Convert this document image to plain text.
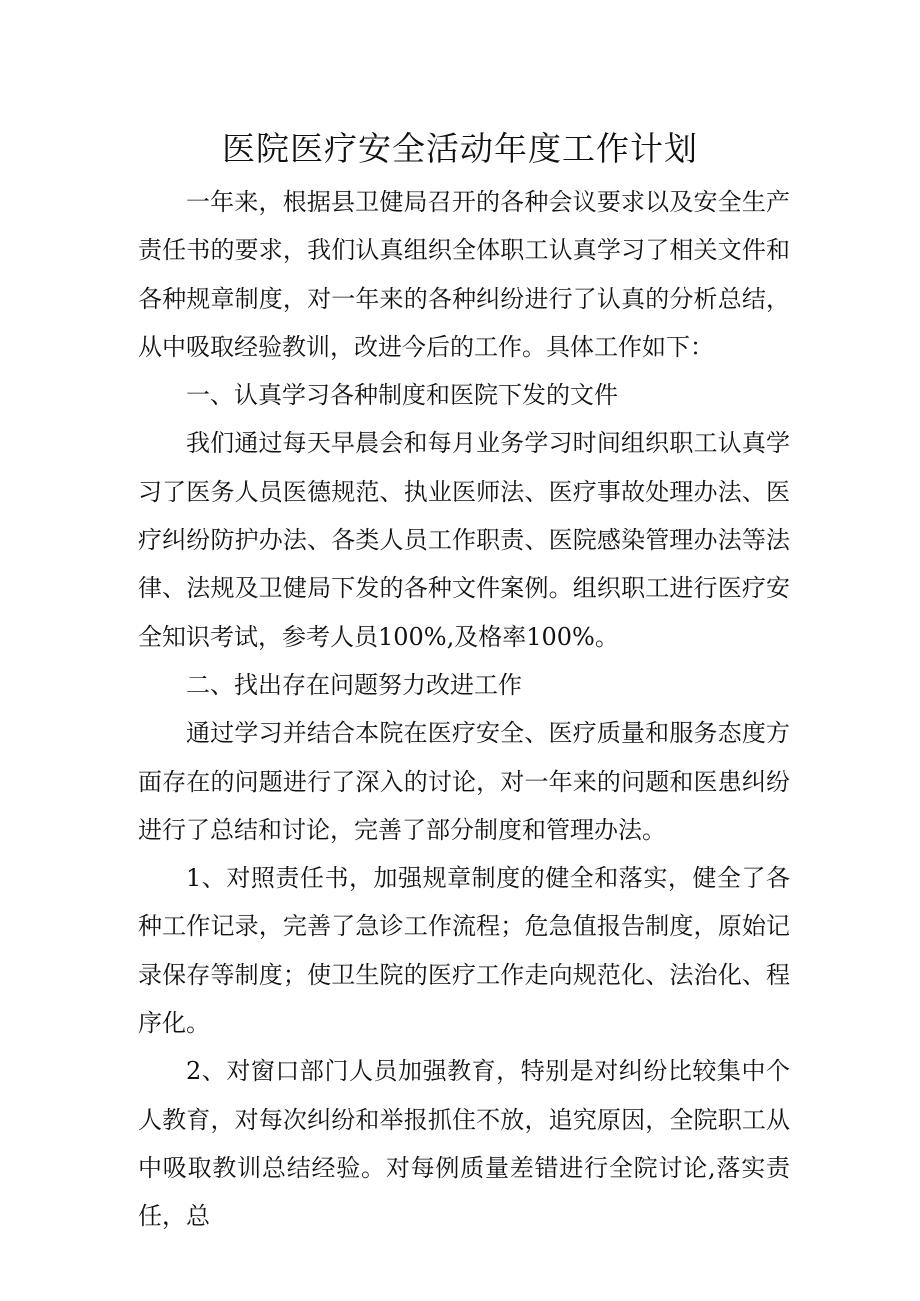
医院医疗安全活动年度工作计划

一年来，根据县卫健局召开的各种会议要求以及安全生产责任书的要求，我们认真组织全体职工认真学习了相关文件和各种规章制度，对一年来的各种纠纷进行了认真的分析总结，从中吸取经验教训，改进今后的工作。具体工作如下：

一、认真学习各种制度和医院下发的文件

我们通过每天早晨会和每月业务学习时间组织职工认真学习了医务人员医德规范、执业医师法、医疗事故处理办法、医疗纠纷防护办法、各类人员工作职责、医院感染管理办法等法律、法规及卫健局下发的各种文件案例。组织职工进行医疗安全知识考试，参考人员100%,及格率100%。

二、找出存在问题努力改进工作

通过学习并结合本院在医疗安全、医疗质量和服务态度方面存在的问题进行了深入的讨论，对一年来的问题和医患纠纷进行了总结和讨论，完善了部分制度和管理办法。

1、对照责任书，加强规章制度的健全和落实，健全了各种工作记录，完善了急诊工作流程；危急值报告制度，原始记录保存等制度；使卫生院的医疗工作走向规范化、法治化、程序化。

2、对窗口部门人员加强教育，特别是对纠纷比较集中个人教育，对每次纠纷和举报抓住不放，追究原因，全院职工从中吸取教训总结经验。对每例质量差错进行全院讨论,落实责任，总
